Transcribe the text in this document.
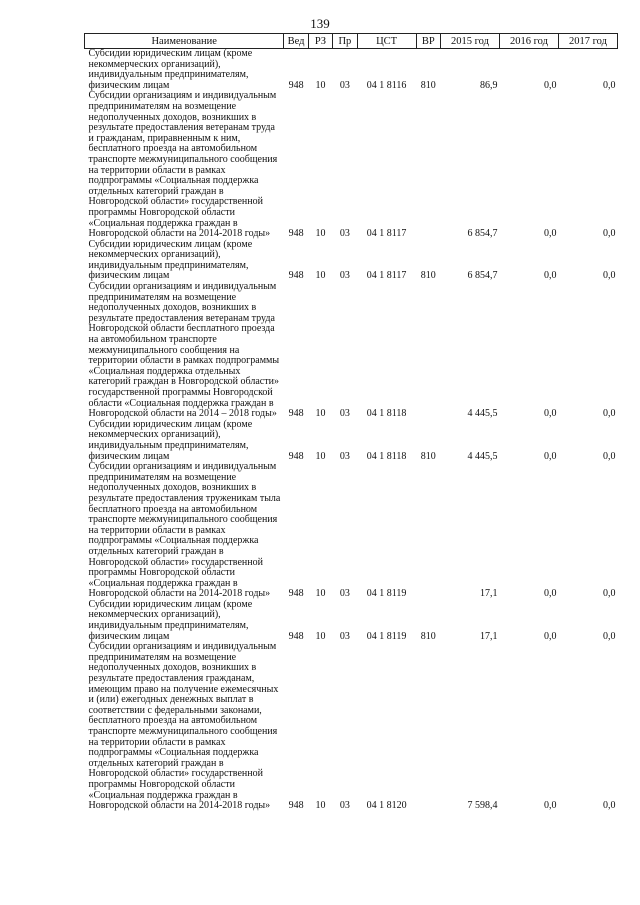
139
Наименование	Вед	РЗ	Пр	ЦСТ	ВР	2015 год	2016 год	2017 год
Субсидии юридическим лицам (кроме некоммерческих организаций), индивидуальным предпринимателям, физическим лицам	948	10	03	04 1 8116	810	86,9	0,0	0,0
Субсидии организациям и индивидуальным предпринимателям на возмещение недополученных доходов, возникших в результате предоставления ветеранам труда и гражданам, приравненным к ним, бесплатного проезда на автомобильном транспорте межмуниципального сообщения на территории области в рамках подпрограммы «Социальная поддержка отдельных категорий граждан в Новгородской области» государственной программы Новгородской области «Социальная поддержка граждан в Новгородской области на 2014-2018 годы»	948	10	03	04 1 8117		6 854,7	0,0	0,0
Субсидии юридическим лицам (кроме некоммерческих организаций), индивидуальным предпринимателям, физическим лицам	948	10	03	04 1 8117	810	6 854,7	0,0	0,0
Субсидии организациям и индивидуальным предпринимателям на возмещение недополученных доходов, возникших в результате предоставления ветеранам труда Новгородской области бесплатного проезда на автомобильном транспорте межмуниципального сообщения на территории области в рамках подпрограммы «Социальная поддержка отдельных категорий граждан в Новгородской области» государственной программы Новгородской области «Социальная поддержка граждан в Новгородской области на 2014 – 2018 годы»	948	10	03	04 1 8118		4 445,5	0,0	0,0
Субсидии юридическим лицам (кроме некоммерческих организаций), индивидуальным предпринимателям, физическим лицам	948	10	03	04 1 8118	810	4 445,5	0,0	0,0
Субсидии организациям и индивидуальным предпринимателям на возмещение недополученных доходов, возникших в результате предоставления труженикам тыла бесплатного проезда на автомобильном транспорте межмуниципального сообщения на территории области в рамках подпрограммы «Социальная поддержка отдельных категорий граждан в Новгородской области» государственной программы Новгородской области «Социальная поддержка граждан в Новгородской области на 2014-2018 годы»	948	10	03	04 1 8119		17,1	0,0	0,0
Субсидии юридическим лицам (кроме некоммерческих организаций), индивидуальным предпринимателям, физическим лицам	948	10	03	04 1 8119	810	17,1	0,0	0,0
Субсидии организациям и индивидуальным предпринимателям на возмещение недополученных доходов, возникших в результате предоставления гражданам, имеющим право на получение ежемесячных и (или) ежегодных денежных выплат в соответствии с федеральными законами, бесплатного проезда на автомобильном транспорте межмуниципального сообщения на территории области в рамках подпрограммы «Социальная поддержка отдельных категорий граждан в Новгородской области» государственной программы Новгородской области «Социальная поддержка граждан в Новгородской области на 2014-2018 годы»	948	10	03	04 1 8120		7 598,4	0,0	0,0
